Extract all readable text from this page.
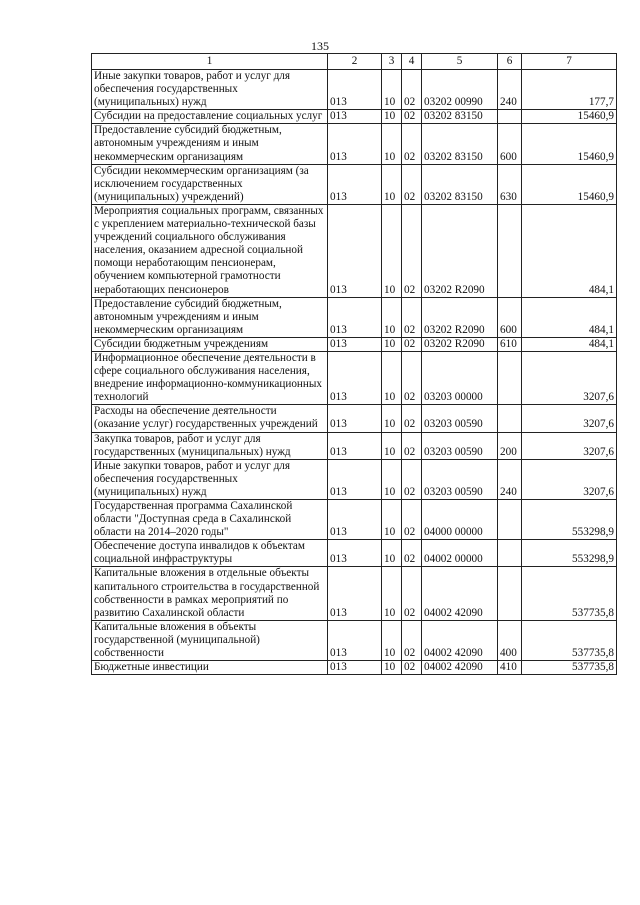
135
1	2	3	4	5	6	7
Иные закупки товаров, работ и услуг для обеспечения государственных (муниципальных) нужд	013	10	02	03202 00990	240	177,7
Субсидии на предоставление социальных услуг	013	10	02	03202 83150		15460,9
Предоставление субсидий бюджетным, автономным учреждениям и иным некоммерческим организациям	013	10	02	03202 83150	600	15460,9
Субсидии некоммерческим организациям (за исключением государственных (муниципальных) учреждений)	013	10	02	03202 83150	630	15460,9
Мероприятия социальных программ, связанных с укреплением материально-технической базы учреждений социального обслуживания населения, оказанием адресной социальной помощи неработающим пенсионерам, обучением компьютерной грамотности неработающих пенсионеров	013	10	02	03202 R2090		484,1
Предоставление субсидий бюджетным, автономным учреждениям и иным некоммерческим организациям	013	10	02	03202 R2090	600	484,1
Субсидии бюджетным учреждениям	013	10	02	03202 R2090	610	484,1
Информационное обеспечение деятельности в сфере социального обслуживания населения, внедрение информационно-коммуникационных технологий	013	10	02	03203 00000		3207,6
Расходы на обеспечение деятельности (оказание услуг) государственных учреждений	013	10	02	03203 00590		3207,6
Закупка товаров, работ и услуг для государственных (муниципальных) нужд	013	10	02	03203 00590	200	3207,6
Иные закупки товаров, работ и услуг для обеспечения государственных (муниципальных) нужд	013	10	02	03203 00590	240	3207,6
Государственная программа Сахалинской области "Доступная среда в Сахалинской области на 2014–2020 годы"	013	10	02	04000 00000		553298,9
Обеспечение доступа инвалидов к объектам социальной инфраструктуры	013	10	02	04002 00000		553298,9
Капитальные вложения в отдельные объекты капитального строительства в государственной собственности в рамках мероприятий по развитию Сахалинской области	013	10	02	04002 42090		537735,8
Капитальные вложения в объекты государственной (муниципальной) собственности	013	10	02	04002 42090	400	537735,8
Бюджетные инвестиции	013	10	02	04002 42090	410	537735,8
